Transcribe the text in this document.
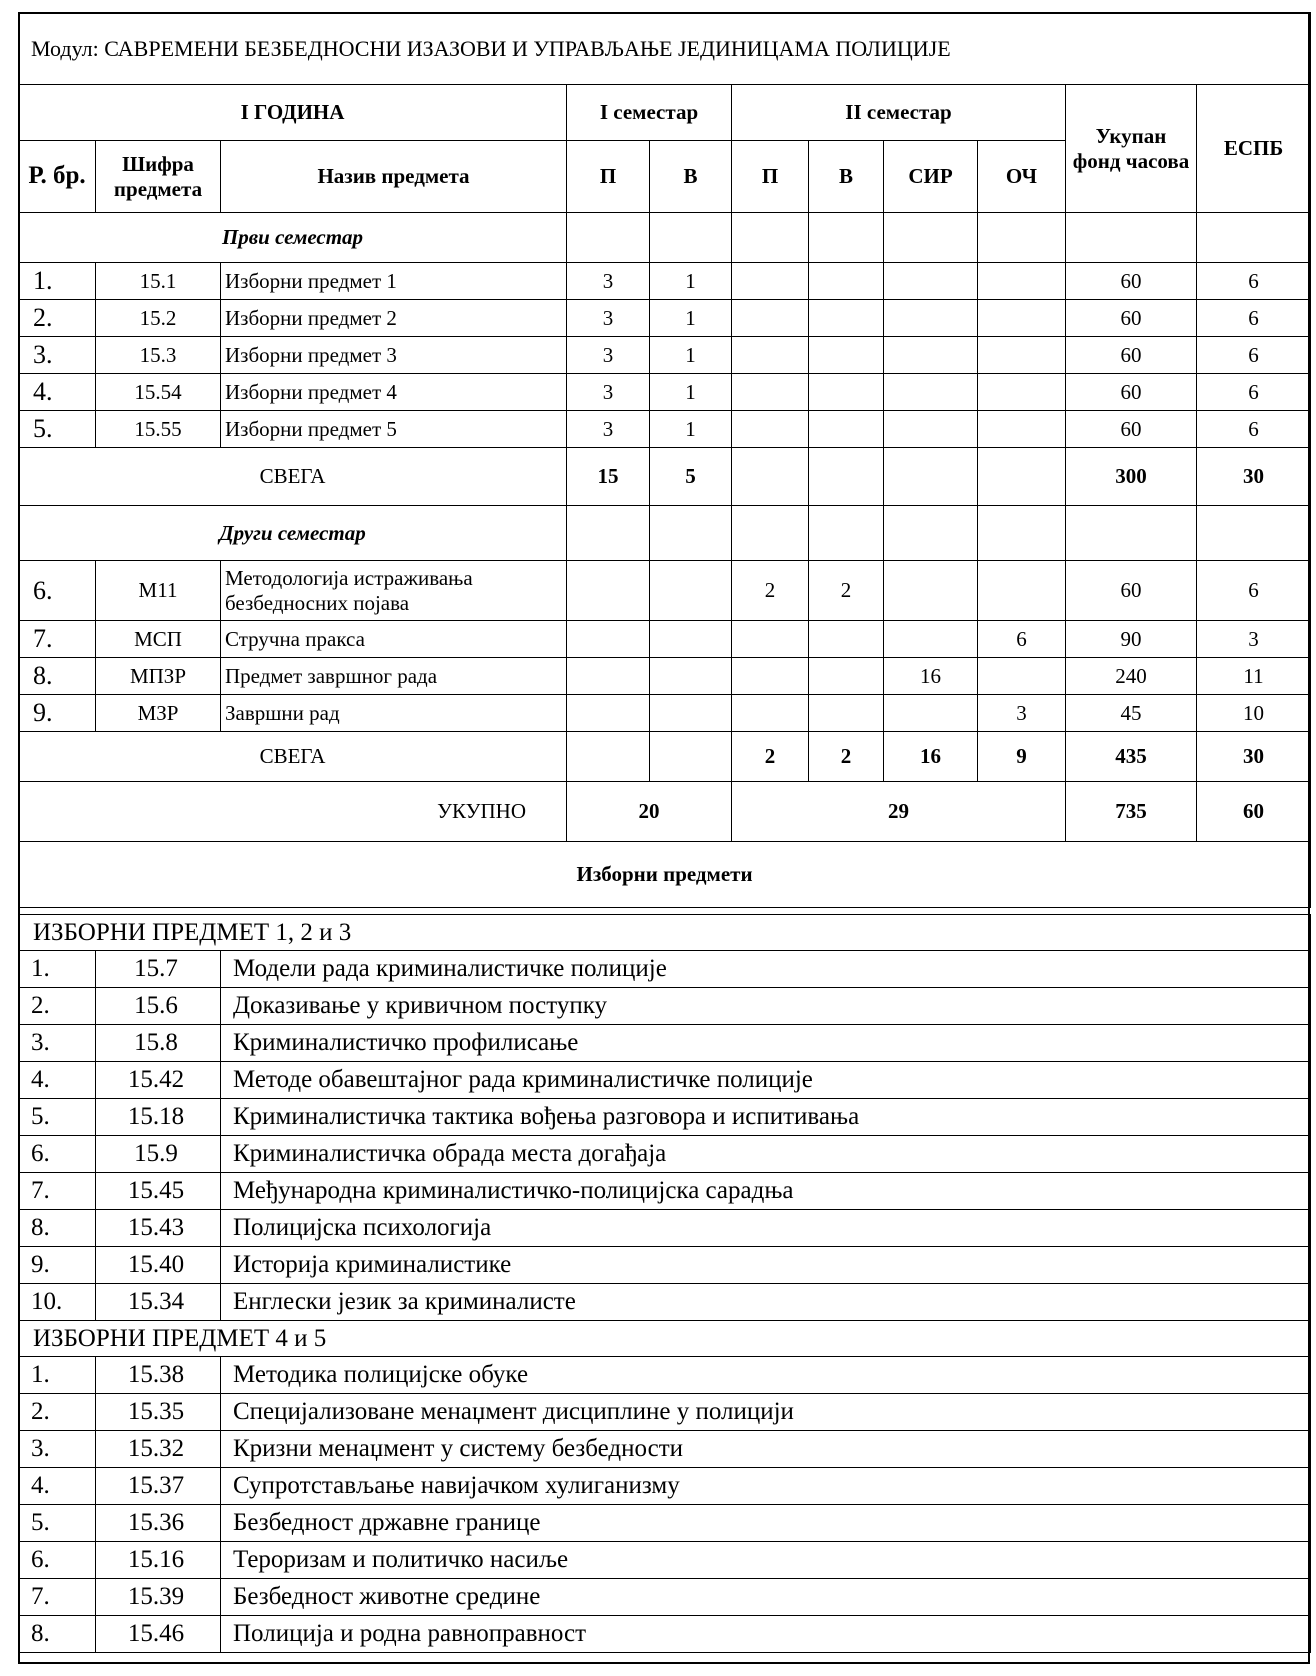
Модул: САВРЕМЕНИ БЕЗБЕДНОСНИ ИЗАЗОВИ И УПРАВЉАЊЕ ЈЕДИНИЦАМА ПОЛИЦИЈЕ										
I ГОДИНА			I семестар		II семестар				Укупан фонд часова	ЕСПБ
Р. бр.	Шифра предмета	Назив предмета	П	В	П	В	СИР	ОЧ		
Први семестар										
1.	15.1	Изборни предмет 1	3	1					60	6
2.	15.2	Изборни предмет 2	3	1					60	6
3.	15.3	Изборни предмет 3	3	1					60	6
4.	15.54	Изборни предмет 4	3	1					60	6
5.	15.55	Изборни предмет 5	3	1					60	6
СВЕГА			15	5					300	30
Други семестар										
6.	М11	Методологија истраживања безбедносних појава			2	2			60	6
7.	МСП	Стручна пракса						6	90	3
8.	МПЗР	Предмет завршног рада					16		240	11
9.	МЗР	Завршни рад						3	45	10
СВЕГА					2	2	16	9	435	30
УКУПНО			20		29				735	60
Изборни предмети										
ИЗБОРНИ ПРЕДМЕТ 1, 2 и 3		
1.	15.7	Модели рада криминалистичке полиције
2.	15.6	Доказивање у кривичном поступку
3.	15.8	Криминалистичко профилисање
4.	15.42	Методе обавештајног рада криминалистичке полиције
5.	15.18	Криминалистичка тактика вођења разговора и испитивања
6.	15.9	Криминалистичка обрада места догађаја
7.	15.45	Међународна криминалистичко-полицијска сарадња
8.	15.43	Полицијска психологија
9.	15.40	Историја криминалистике
10.	15.34	Енглески језик за криминалисте
ИЗБОРНИ ПРЕДМЕТ 4 и 5		
1.	15.38	Методика полицијске обуке
2.	15.35	Специјализоване менаџмент дисциплине у полицији
3.	15.32	Кризни менаџмент у систему безбедности
4.	15.37	Супротстављање навијачком хулиганизму
5.	15.36	Безбедност државне границе
6.	15.16	Тероризам и политичко насиље
7.	15.39	Безбедност животне средине
8.	15.46	Полиција и родна равноправност
